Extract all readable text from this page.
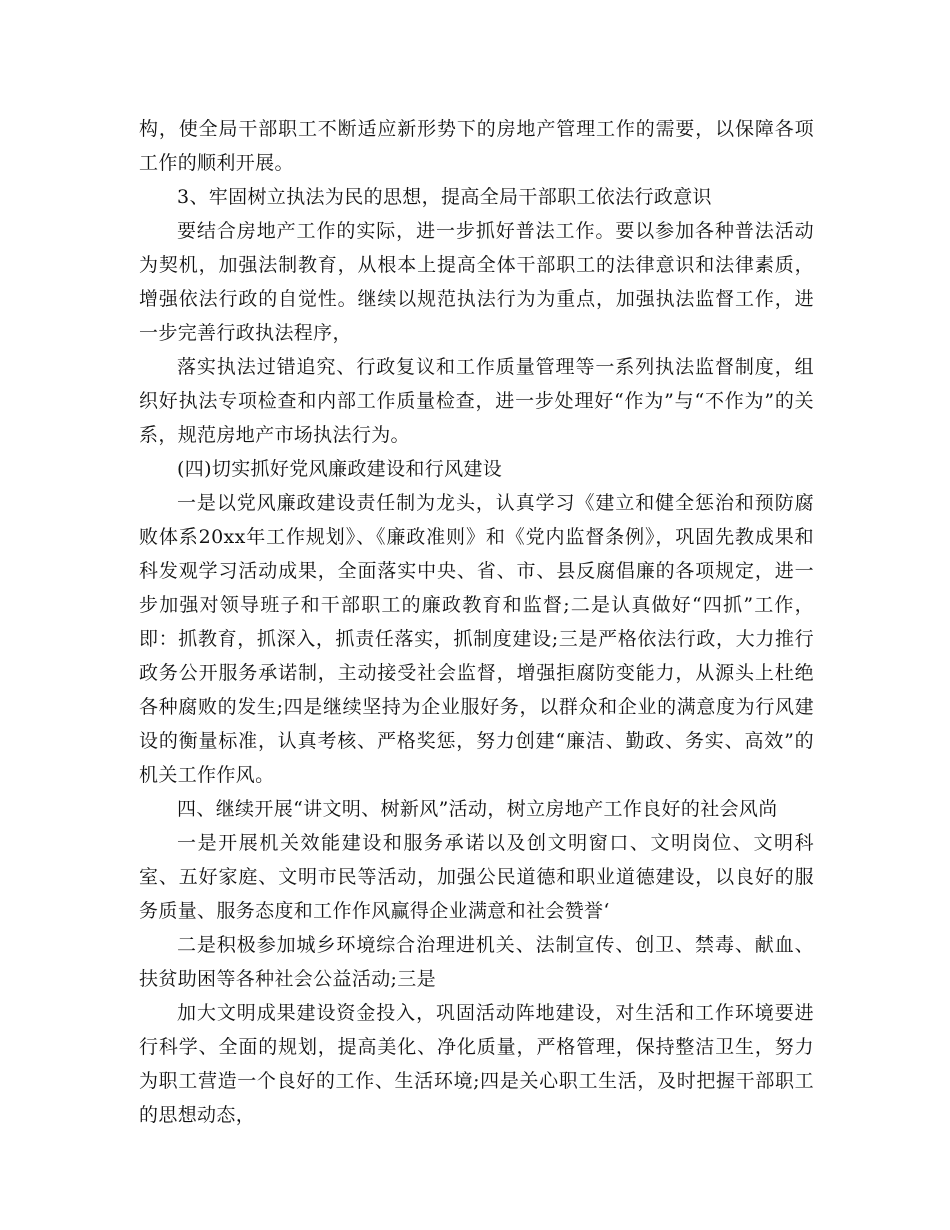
构，使全局干部职工不断适应新形势下的房地产管理工作的需要，以保障各项工作的顺利开展。

3、牢固树立执法为民的思想，提高全局干部职工依法行政意识

要结合房地产工作的实际，进一步抓好普法工作。要以参加各种普法活动为契机，加强法制教育，从根本上提高全体干部职工的法律意识和法律素质，增强依法行政的自觉性。继续以规范执法行为为重点，加强执法监督工作，进一步完善行政执法程序，

落实执法过错追究、行政复议和工作质量管理等一系列执法监督制度，组织好执法专项检查和内部工作质量检查，进一步处理好“作为”与“不作为”的关系，规范房地产市场执法行为。

(四)切实抓好党风廉政建设和行风建设

一是以党风廉政建设责任制为龙头，认真学习《建立和健全惩治和预防腐败体系20xx年工作规划》、《廉政准则》和《党内监督条例》，巩固先教成果和科发观学习活动成果，全面落实中央、省、市、县反腐倡廉的各项规定，进一步加强对领导班子和干部职工的廉政教育和监督;二是认真做好“四抓”工作，即：抓教育，抓深入，抓责任落实，抓制度建设;三是严格依法行政，大力推行政务公开服务承诺制，主动接受社会监督，增强拒腐防变能力，从源头上杜绝各种腐败的发生;四是继续坚持为企业服好务，以群众和企业的满意度为行风建设的衡量标准，认真考核、严格奖惩，努力创建“廉洁、勤政、务实、高效”的机关工作作风。

四、继续开展“讲文明、树新风”活动，树立房地产工作良好的社会风尚

一是开展机关效能建设和服务承诺以及创文明窗口、文明岗位、文明科室、五好家庭、文明市民等活动，加强公民道德和职业道德建设，以良好的服务质量、服务态度和工作作风赢得企业满意和社会赞誉‘

二是积极参加城乡环境综合治理进机关、法制宣传、创卫、禁毒、献血、扶贫助困等各种社会公益活动;三是

加大文明成果建设资金投入，巩固活动阵地建设，对生活和工作环境要进行科学、全面的规划，提高美化、净化质量，严格管理，保持整洁卫生，努力为职工营造一个良好的工作、生活环境;四是关心职工生活，及时把握干部职工的思想动态，
